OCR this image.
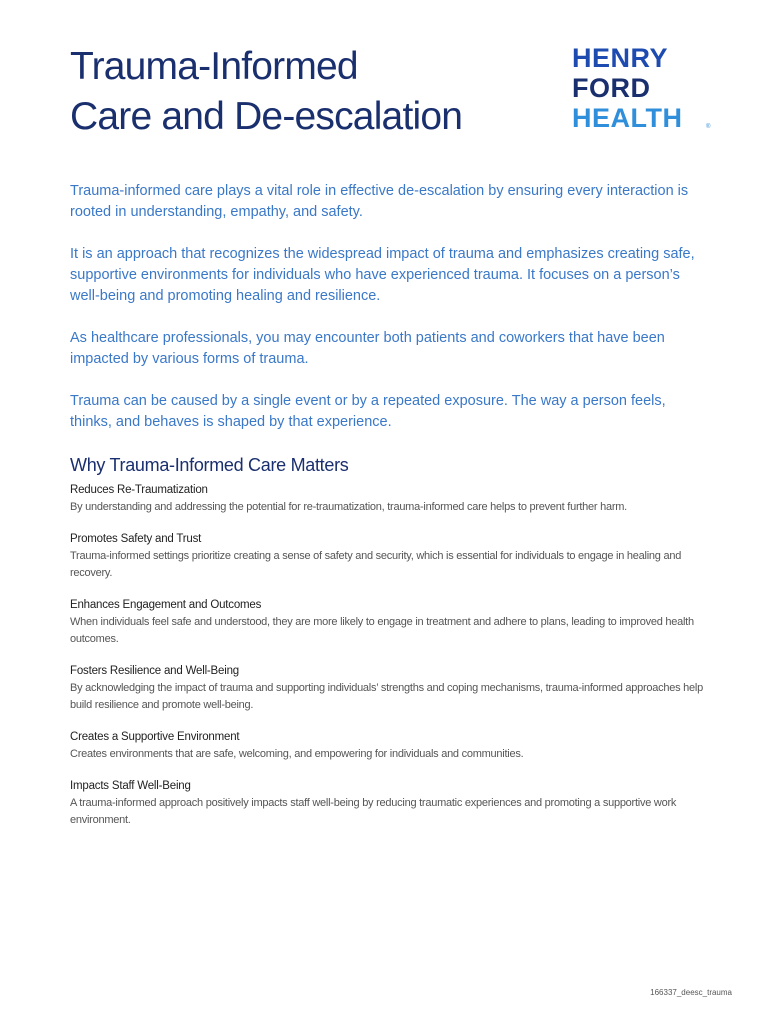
Trauma-Informed
Care and De-escalation
HENRY
FORD
HEALTH	®

Trauma-informed care plays a vital role in effective de-escalation by ensuring every interaction is rooted in understanding, empathy, and safety.

It is an approach that recognizes the widespread impact of trauma and emphasizes creating safe, supportive environments for individuals who have experienced trauma. It focuses on a person’s well-being and promoting healing and resilience.

As healthcare professionals, you may encounter both patients and coworkers that have been impacted by various forms of trauma.

Trauma can be caused by a single event or by a repeated exposure. The way a person feels, thinks, and behaves is shaped by that experience.

Why Trauma-Informed Care Matters
Reduces Re-Traumatization

By understanding and addressing the potential for re-traumatization, trauma-informed care helps to prevent further harm.

Promotes Safety and Trust

Trauma-informed settings prioritize creating a sense of safety and security, which is essential for individuals to engage in healing and recovery.

Enhances Engagement and Outcomes

When individuals feel safe and understood, they are more likely to engage in treatment and adhere to plans, leading to improved health outcomes.

Fosters Resilience and Well-Being

By acknowledging the impact of trauma and supporting individuals’ strengths and coping mechanisms, trauma-informed approaches help build resilience and promote well-being.

Creates a Supportive Environment

Creates environments that are safe, welcoming, and empowering for individuals and communities.

Impacts Staff Well-Being

A trauma-informed approach positively impacts staff well-being by reducing traumatic experiences and promoting a supportive work environment.

166337_deesc_trauma
